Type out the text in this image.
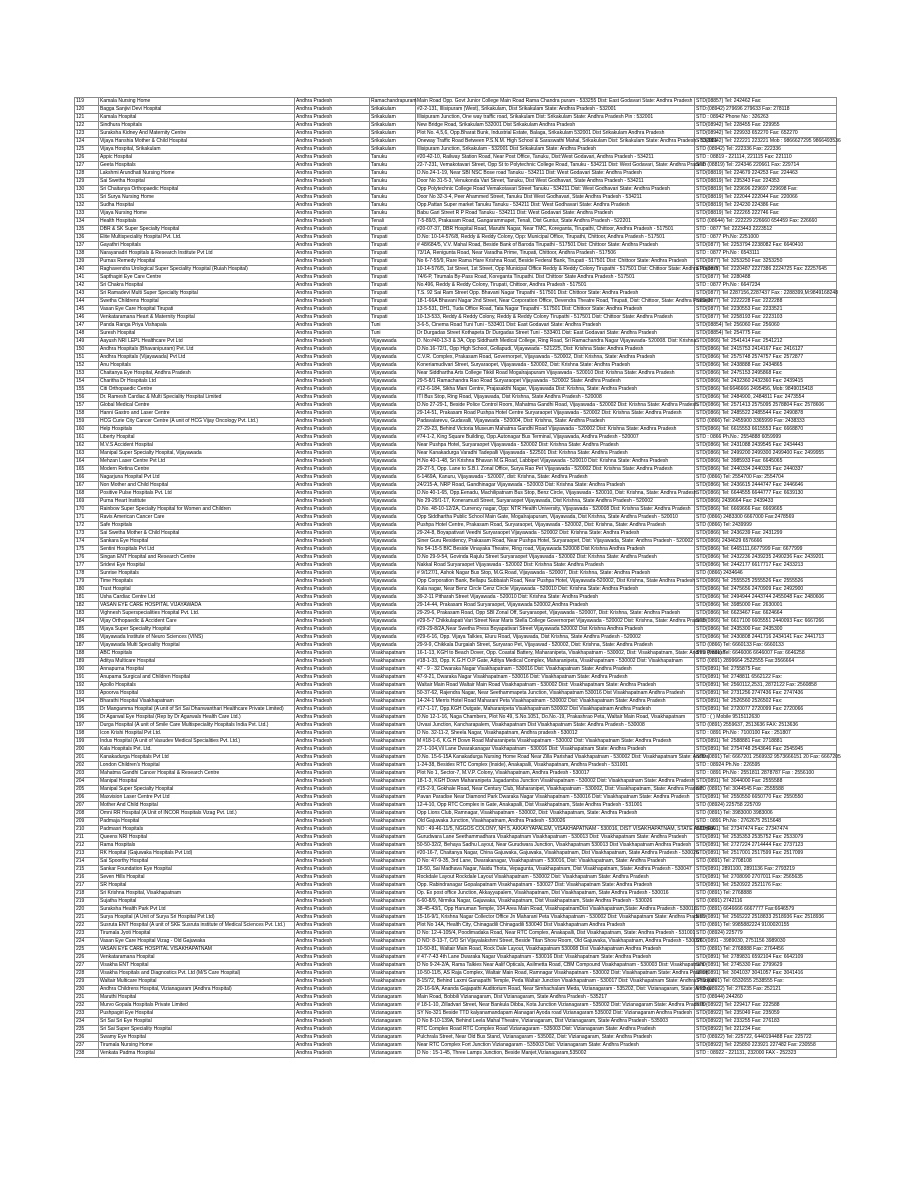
119	Kamala Nursing Home	Andhra Pradesh	Ramachandrapuram	Main Road Opp. Govt Junior College Main Road Rama Chandra puram - 533255 Dist: East Godavari State: Andhra Pradesh	STD(08857) Tel: 242462 Fax:
120	Bagga Sanjivi Devi Hospital	Andhra Pradesh	Srikakulam	#2-2-131, Illisipuram (West), Srikakulam, Dist Srikakulam State: Andhra Pradesh - 532001	STD:(08942) 279696 279633 Fax: 278118
121	Kamala Hospital	Andhra Pradesh	Srikakulam	Illisipuram Junction, One way traffic road, Srikakulam Dist: Srikakulam State: Andhra Pradesh Pin : 532001	STD : 08942 Phone No : 326263
122	Sindhura Hospitals	Andhra Pradesh	Srikakulam	New Bridge Road, Srikakulam 532001 Dist Srikakulam Andhra Pradesh	STD(08942) Tel: 228455 Fax: 229955
123	Suraksha Kidney And Maternity Centre	Andhra Pradesh	Srikakulam	Plot No. 4,5,6, Opp.Bharat Bunk, Industrial Estate, Balaga, Srikakulam 532001 Dist Srikakulam Andhra Pradesh	STD(08942) Tel: 229933 652270 Fax: 652270
124	Vijaya Hanshia Mother & Child Hospital	Andhra Pradesh	Srikakulam	Oneway Traffic Road Between P.S.N.M. High School & Saraswathi Mahal, Srikakulam Dist: Srikakulam State: Andhra Pradesh - 532001	STD(08942) Tel: 222221 223221 Mob : 9866627295 9866493536
125	Vijaya Hospital, Srikakulam	Andhra Pradesh	Srikakulam	Illisipuram Junction, Srikakulam - 532001 Dist Srikakulam State: Andhra Pradesh	STD (08942) Tel: 222336 Fax: 222336
126	Appic Hospital	Andhra Pradesh	Tanuku	#20-42-10, Railway Station Road, Near Post Office, Tanuku, Dist:West Godavari, Andhra Pradesh - 534211	STD : 08819 - 221114, 221115 Fax: 221110
127	Geeta Hospitals	Andhra Pradesh	Tanuku	22-7-231, Vemakotavari Street, Opp St to Polytechnic College Road, Tanuku - 534211 Dist: West Godavari, State: Andhra Pradesh	STD (08819) Tel: 224346 220661 Fax: 229714
128	Lakshmi Arundhati Nursing Home	Andhra Pradesh	Tanuku	D.No.24-1-19, Near SBI NSC Bose road Tanuku - 534211 Dist: West Godavari State: Andhra Pradesh	STD(08819) Tel: 224679 224253 Fax: 224463
129	Sai Swetha Hospital	Andhra Pradesh	Tanuku	Door No 31-5-3, Venukonda Vari Street, Tanuku, Dist West Godhavari, State Andhra Pradesh - 534211	STD(08819) Tel: 235343 Fax: 224353
130	Sri Chaitanya Orthopaedic Hospital	Andhra Pradesh	Tanuku	Opp Polytechnic College Road Vemakotavari Street Tanuku - 534211 Dist: West Godhavari State: Andhra Pradesh	STD(08819) Tel: 229696 229697 229698 Fax:
131	Sri Surya Nursing Home	Andhra Pradesh	Tanuku	Door No 32-3-4, Peer Ahammed Street, Tanuku Dist West Godhavari, State Andhra Pradesh - 534211	STD(08819) Tel: 222044 222044 Fax: 220066
132	Sudha Hospital	Andhra Pradesh	Tanuku	Opp.Pattan Super market Tanuku Tanuku - 534211 Dist: West Godhavari State: Andhra Pradesh	STD(08819) Tel: 224230 224386 Fax:
133	Vijaya Nursing Home	Andhra Pradesh	Tanuku	Babu Gari Street R P Road Tanuku - 534211 Dist: West Godavari State: Andhra Pradesh	STD(08819) Tel: 222265 222746 Fax:
134	Health Hospitals	Andhra Pradesh	Tenali	7-5-89/3, Prakasam Road, Gangarammapet, Tenali, Dist Guntur, State Andhra Pradesh - 522201	STD (08644) Tel: 222229 226660 654459 Fax: 226660
135	DBR & SK Super Specialty Hospital	Andhra Pradesh	Tirupati	#20-07-37, DBR Hospital Road, Maruthi Nagar, Near TMC, Koreganta, Tirupathi, Chittoor, Andhra Pradesh - 517501	STD : 0877 Tel: 2223443 2223512
136	Elite Multispeciality Hospital Pvt. Ltd.	Andhra Pradesh	Tirupati	D.No: 10-14-576/8, Reddy & Reddy Colony, Opp: Municipal Office, Tirupathi, Chittoor, Andhra Pradesh - 517501	STD : 0877 Ph.No: 2251000
137	Gayathri Hospitals	Andhra Pradesh	Tirupati	# 48/684/5, V.V. Mahal Road, Beside Bank of Baroda Tirupathi - 517501 Dist: Chittoor State: Andhra Pradesh	STD(0877) Tel: 2253794 2238082 Fax: 6640410
138	Narayanadri Hospitals & Research Institute Pvt Ltd	Andhra Pradesh	Tirupati	73/1A, Reniguntа Road, Near Varadha Prime, Tirupati, Chittoor, Andhra Pradesh - 517506	STD : 0877 Ph.No : 6543111
139	Purnas Remedy Hospital	Andhra Pradesh	Tirupati	No 6-7-55/9, Rare Rama Hare Krishna Road, Beside Federal Bank, Tirupati - 517501 Dist: Chittoor State: Andhra Pradesh	STD(0877) Tel: 3253250 Fax: 3253250
140	Raghavendra Urological Super Speciality Hospital (Ruiah Hospital)	Andhra Pradesh	Tirupati	10-14-576/5, 1st Street, 1st Street, Opp Municipal Office Reddy & Reddy Colony Tirupathi - 517501 Dist: Chittoor State: Andhra Pradesh	STD(0877) Tel: 2220487 2227386 2224725 Fax: 22257645
141	Sapthagiri Eye Care Centre	Andhra Pradesh	Tirupati	74/6-P, Tirumala By-Pass Road, Koreganta Tirupathi. Dist Chittoor State Andhra Pradesh - 517501	STD(0877) Tel: 2280488
142	Sri Chakra Hospital	Andhra Pradesh	Tirupati	No.496, Reddy & Reddy Colony, Tirupati, Chittoor, Andhra Pradesh - 517501	STD : 0877 Ph.No : 6647234
143	Sri Ramadevi Multi Super Specialty Hospital	Andhra Pradesh	Tirupati	T.S. 92 Sai Ram Street Opp. Bhavani Nagar Tirupathi - 517501 Dist: Chittoor State: Andhra Pradesh	STD(0877) Tel 2287156,2287437 Fax : 2288399,M:9849168248
144	Swetha Childrens Hospital	Andhra Pradesh	Tirupati	18-1-66A Bhavani Nagar 2nd Street, Near Corporation Office, Devendra Theatre Road, Tirupati, Dist: Chittoor, State: Andhra Pradesh	STD(0877) Tel: 2222228 Fax: 2222288
145	Vasan Eye Care Hospital Tirupati	Andhra Pradesh	Tirupati	13-5-531, DH1, Tuda Office Road, Tata Nagar Tirupathi - 517501 Dist: Chittoor State: Andhra Pradesh	STD(0877) Tel: 2230553 Fax: 2233521
146	Venkataramana Heart & Maternity Hospital	Andhra Pradesh	Tirupati	10-13-533, Reddy & Reddy Colony, Reddy & Reddy Colony Tirupathi - 517501 Dist: Chittoor State: Andhra Pradesh	STD(0877) Tel: 2258193 Fax: 2223103
147	Panda Ranga Priya Vishapala	Andhra Pradesh	Tuni	3-6-5, Cinema Road Tuni Tuni - 533401 Dist: East Godavari State: Andhra Pradesh	STD(08854) Tel: 256060 Fax: 256060
148	Suresh Hospital	Andhra Pradesh	Tuni	Dr Durgadas Street Kothapeta Dr Durgadas Street Tuni - 533401 Dist: East Godavari State: Andhra Pradesh	STD(08854) Tel: 254775 Fax:
149	Aayush NRI LEPL Healthcare Pvt Ltd	Andhra Pradesh	Vijayawada	D. No:#40-13-3 & 3A, Opp Siddharth Medical College, Ring Road, Sri Ramachandra Nagar Vijayawada- 520008. Dist: Krishna	STD(0866) Tel: 2541414 Fax: 2541212
150	Andhra Hospitals (Bhavanipuram) Pvt. Ltd	Andhra Pradesh	Vijayawada	D.No.16-72/1, Opp High School, Gollapudi, Vijayawada - 521225, Dist: Krishna State: Andhra Pradesh	STD(0866) Tel: 2415753 2414167 Fax: 2416127
151	Andhra Hospitals (Vijayawada) Pvt Ltd	Andhra Pradesh	Vijayawada	C.V.R. Complex, Prakasam Road, Governorpet, Vijayawada - 520002, Dist: Krishna, State: Andhra Pradesh	STD(0866) Tel: 2575748 2574757 Fax: 2572877
152	Anu Hospitals	Andhra Pradesh	Vijayawada	Koneriamudivari Street, Suryaraopet, Vijayawada - 520002, Dist: Krishna State: Andhra Pradesh	STD(0866) Tel: 2438888 Fax: 2434865
153	Chaitanya Eye Hospital, Andhra Pradesh	Andhra Pradesh	Vijayawada	Near Siddhartha Arts College Tikkil Road Mogalrajapuram Vijayawada - 520010 Dist: Krishna State: Andhra Pradesh	STD(0866) Tel: 2475153 2495868 Fax:
154	Charitha Dr Hospitals Ltd	Andhra Pradesh	Vijayawada	29-5-8/1 Ramachandra Rao Road Suryaraopet Vijayawada - 520002 State: Andhra Pradesh	STD(0866) Tel: 2432360 2432360 Fax: 2439415
155	Citi Orthopaedic Centre	Andhra Pradesh	Vijayawada	#12-6-184, Sikha Mani Centre, Prajasakthi Nagar, Vijayawada Dist: Krishna, State: Andhra Pradesh	STD(0866) Tel:6646666 2495456, Mob: 9849015418
156	Dr. Ramesh Cardiac & Multi Speciality Hospital Limited	Andhra Pradesh	Vijayawada	ITI Bus Stop, Ring Road, Vijayawada, Dist Krishna, State Andhra Pradesh - 520008	STD(0866) Tel: 2484900, 2484811 Fax: 2473554
157	Global Medical Centre	Andhra Pradesh	Vijayawada	D.No 27-29-1, Beside Police Control Room, Mahatma Gandhi Road, Vijayawada - 520002 Dist: Krishna State: Andhra Pradesh	STD(0866) Tel: 2571413 2575095 2578804 Fax: 2578606
158	Hanni Gastro and Laser Centre	Andhra Pradesh	Vijayawada	29-14-51, Prakasam Road Pushpa Hotel Centre Suryaraopet Vijayawada - 520002 Dist: Krishna State: Andhra Pradesh	STD(0866) Tel: 2485522 2485544 Fax: 2490878
159	HCG Curie City Cancer Centre (A unit of HCG Vijay Oncology Pvt. Ltd.)	Andhra Pradesh	Vijayawada	Padavalarevu, Gudavalli, Vijayawada - 520004, Dist: Krishna, State: Andhra Pradesh	STD (0866) Tel: 2455900 3365999 Fax: 2438333
160	Help Hospitals	Andhra Pradesh	Vijayawada	27-29-23, Behind Victoria Museum Mahatma Gandhi Road Vijayawada - 520002 Dist: Krishna State: Andhra Pradesh	STD(0866) Tel: 6615553 6615553 Fax: 6668870
161	Liberty Hospital	Andhra Pradesh	Vijayawada	#74-1-2, King Square Building, Opp.Autonagar Bus Terminal, Vijayawada, Andhra Pradesh - 520007	STD : 0866 Ph.No.: 2554888 6059999
162	M.V.S Accident Hospital	Andhra Pradesh	Vijayawada	Near Pushpa Hotel, Suryaraopet Vijayawada - 520002 Dist: Krishna State: Andhra Pradesh	STD(0866) Tel: 2431088 2439545 Fax: 2434443
163	Manipal Super Specialty Hospital, Vijayawada	Andhra Pradesh	Vijayawada	Near Kanakadurga Varadhi Tadepalli Vijayawada - 522501 Dist: Krishna State: Andhra Pradesh	STD(0866) Tel: 2499200 2499300 2499400 Fax: 2499955
164	Mehzan Laser Centre Pvt Ltd	Andhra Pradesh	Vijayawada	H.No 40-1-48, Sri Krishna Bhavan M.G.Road, Labbipet Vijayawada - 520010 Dist: Krishna State: Andhra Pradesh	STD(0866) Tel: 3985933 Fax: 6645065
165	Modern Retina Centre	Andhra Pradesh	Vijayawada	29-27-5, Opp. Lane to S.B.I. Zonal Office, Surya Rao Pet Vijayawada - 520002 Dist: Krishna State: Andhra Pradesh	STD(0866) Tel: 2440334 2440335 Fax: 2440337
166	Nagarjuna Hospital Pvt Ltd	Andhra Pradesh	Vijayawada	6-1469A, Kanuru, Vijayawada - 520007, dist: Krishna, State: Andhra Pradesh	STD (0866) Tel: 2554700 Fax: 2554704
167	Non Mother and Child Hospital	Andhra Pradesh	Vijayawada	24/215-A, NRP Road, Gandhinagar Vijayawada - 520003 Dist: Krishna State: Andhra Pradesh	STD(0866) Tel: 2436615 2444747 Fax: 2446646
168	Positive Pulse Hospitals Pvt. Ltd	Andhra Pradesh	Vijayawada	D.No 40-1-65, Opp.Eenadu, Machilipatnam Bus Stop, Benz Circle, Vijayawada - 520010, Dist: Krishna, State: Andhra Pradesh	STD(0866) Tel: 6644555 6644777 Fax: 6639130
169	Purna Heart Institute	Andhra Pradesh	Vijayawada	No 29-29/1-17, Koneramudi Street, Suryaraopet Vijayawada, Dist Krishna, State Andhra Pradesh - 520002	STD(0866) 2439664 Fax: 2439433
170	Rainbow Super Specialty Hospital for Women and Children	Andhra Pradesh	Vijayawada	D.No. 48-10-12/2A, Currency nagar, Opp: NTR Health University, Vijayawada - 520008 Dist: Krishna State: Andhra Pradesh	STD(0866) Tel: 6669666 Fax: 6669665
171	Ravis American Cancer Care	Andhra Pradesh	Vijayawada	Opp Siddhartha Public School Main Gate, Mogalrajapuram, Vijayawada, Dist Krishna, State Andhra Pradesh - 520010	STD (0866) 2483300 6667000 Fax:2478569
172	Safe Hospitals	Andhra Pradesh	Vijayawada	Pushpa Hotel Centre, Prakasam Road, Suryaraopet, Vijayawada - 520002, Dist: Krishna, State: Andhra Pradesh	STD (0866) Tel: 2439999
173	Sai Swetha Mother & Child Hospital	Andhra Pradesh	Vijayawada	29-24-8, Boyapativari Veedhi Suryaraopet Vijayawada - 520002 Dist: Krishna State: Andhra Pradesh	STD(0866) Tel: 2436239 Fax: 2431299
174	Sankara Eye Hospital	Andhra Pradesh	Vijayawada	Siner Guru Residency, Prakasam Road, Near Pushpa Hotel, Suryaraopet, Dist: Vijayawada, State: Andhra Pradesh - 520002	STD(0866) 2434629 6576666
175	Sentini Hospitals Pvt Ltd	Andhra Pradesh	Vijayawada	No 54-15-5 BIC Beside Vinayaka Theatre, Ring road, Vijayawada 520008 Dist Krishna Andhra Pradesh	STD(0866) Tel: 6465111,6677999 Fax: 6677999
176	Singan ENT Hospital and Research Centre	Andhra Pradesh	Vijayawada	D.No 29-9-54, Govinda Rajulu Street Suryaraopet Vijayawada - 520002 Dist: Krishna State: Andhra Pradesh	STD(0866) Tel: 2432236 2439235 2490236 Fax: 2439201
177	Sridevi Eye Hospital	Andhra Pradesh	Vijayawada	Nakkal Road Suryaraopet Vijayawada - 520002 Dist: Krishna State: Andhra Pradesh	STD(0866) Tel: 2442177 6617717 Fax: 2433213
178	Sunrise Hospitals	Andhra Pradesh	Vijayawada	# 9/127/1, Ashok Nagar Bus Stop, M.G.Road, Vijayawada - 520007, Dist: Krishna, State: Andhra Pradesh	STD (0866) 2434646
179	Time Hospitals	Andhra Pradesh	Vijayawada	Opp Corporation Bank, Bellapu Subbaiah Road, Near Pushpa Hotel, Vijayawada-520002, Dist Krishna, State Andhra Pradesh	STD(0866) Tel: 2555525 2555526 Fax: 2555526
180	Trust Hospital	Andhra Pradesh	Vijayawada	Kala nagar, Near Benz Circle Cenz Circle Vijayawada - 520010 Dist: Krishna State: Andhra Pradesh	STD(0866) Tel: 2475656 2470909 Fax: 2492900
181	Usha Cardiac Centre Ltd	Andhra Pradesh	Vijayawada	39-2-11 Pitharah Street Vijayawada - 520010 Dist: Krishna State: Andhra Pradesh	STD(0866) Tel: 2494944 2443744 2455048 Fax: 2480606
182	VASAN EYE CARE HOSPITAL VIJAYAWADA	Andhra Pradesh	Vijayawada	29-14-44, Prakasam Road Suryaraopet, Vijayawada 520002,Andhra Pradesh	STD(0866) Tel: 3985000 Fax: 2630001
183	Vighnesh Superspecialities Hospital Pvt. Ltd.	Andhra Pradesh	Vijayawada	29-29-6, Prakasam Road, Opp SBI Zonal Off, Suryaraopet, Vijayawada - 520007, Dist: Krishna, State: Andhra Pradesh	STD(0866) Tel: 6623467 Fax: 6624664
184	Vijay Orthopaedic & Accident Care	Andhra Pradesh	Vijayawada	#29-5-7 Chikkulapati Vari Street Near Maris Stella College Governorpet Vijayawada - 520002 Dist: Krishna, State: Andhra Pradesh	STD(0866) Tel: 6617100 6605551 2440093 Fax: 6667266
185	Vijaya Super Speciality Hospital	Andhra Pradesh	Vijayawada	#29-29-8/2A,Near Swetha Press Boyapativari Street Vijayawada 520002 Dist Krishna Andhra Pradesh	STD(0866) Tel: 2435300 Fax: 2435300
186	Vijayawada Institute of Neuro Sciences (VINS)	Andhra Pradesh	Vijayawada	#29-6-16, Opp. Vijaya Talkies, Eluru Road, Vijayawada, Dist Krishna, State Andhra Pradesh - 520002	STD(0866) Tel: 2430808 2441716 2434141 Fax: 2441713
187	Vijayawada Multi Speciality Hospital	Andhra Pradesh	Vijayawada	29-9-9, Chikkala Durgaiah Street, Suryarao Pet, Vijayawad - 520002, Dist: Krishna, State: Andhra Pradesh	STD (0866) Tel: 6660133 Fax: 6660133
188	ABC Hospitals	Andhra Pradesh	Visakhapatnam	16-1-13, KGH to Beach Dover, Opp. Coastal Battery, Maharanipeta, Visakhapatnam - 530002, Dist: Visakhapatnam, State: Andhra Pradesh	STD (0891) Tel: 6646006 6646007 Fax: 6646258
189	Aditya Multicare Hospital	Andhra Pradesh	Visakhapatnam	#18-1-33, Opp. K.G.H O.P Gate, Aditya Medical Complex, Maharanipeta, Visakhapatnam - 530002 Dist: Visakhapatnam	STD (0891) 2899664 2522555 Fax:3566664
190	Annapurna Hospital	Andhra Pradesh	Visakhapatnam	47 - 9 - 32 Dwaraka Nagar Visakhapatnam - 530016 Dist: Visakhapatnam State: Andhra Pradesh	STD(0891) Tel: 2755875 Fax:
191	Anupama Surgical and Children Hospital	Andhra Pradesh	Visakhapatnam	47-9-21, Dwaraka Nagar Visakhapatnam - 530016 Dist: Visakhapatnam State: Andhra Pradesh	STD(0891) Tel: 2748811 6562122 Fax:
192	Apollo Hospitals	Andhra Pradesh	Visakhapatnam	Waltair Main Road Waltair Main Road Visakhapatnam - 530002 Dist: Visakhapatnam State: Andhra Pradesh	STD(0891) Tel: 2560112,2531, 2872122 Fax: 2560858
193	Apoorva Hospital	Andhra Pradesh	Visakhapatnam	50-37-62, Rajendra Nagar, Near Seethammapeta Junction, Visakhapatnam 530016 Dist Visakhapatnam Andhra Pradesh	STD(0891) Tel: 2731256 2747436 Fax: 2747436
194	Bharathi Hospital Visakhapatnam	Andhra Pradesh	Visakhapatnam	14-24-1 Merris Hotel Road Maharani Peta Visakhapatnam - 530002 Dist: Visakhapatnam State: Andhra Pradesh	STD(0891) Tel: 2526560 2526502 Fax:
195	Dr Mangamma Hospital (A unit of Sri Sai Dhanwanthari Healthcare Private Limited)	Andhra Pradesh	Visakhapatnam	#17-1-17, Opp.KGH Outgate, Maharanipeta Visakhapatnam 530002 Dist Visakhapatnam Andhra Pradesh	STD(0891) Tel: 2720077 2720099 Fax: 2720066
196	Dr Agarwal Eye Hospital (Rep by Dr Agarwals Health Care Ltd.)	Andhra Pradesh	Visakhapatnam	D.No 12-1-16, Naga Chambers, Plot No 49, S.No.1051, Do.No.-19, Prakashrao Peta, Waltair Main Road, Visakhapatnam	STD : ( ) Mobile 9515112630
197	Durga Hospital (A unit of Smile Care Multispeciality Hospitals India Pvt. Ltd.)	Andhra Pradesh	Visakhapatnam	Urvasi Junction, Kancharapalem, Visakhapatnam Dist Visakhapatnam State: Andhra Pradesh - 530008	STD (0891) 2559637, 2513636 FAX: 2513636
198	Icon Krishi Hospital Pvt Ltd.	Andhra Pradesh	Visakhapatnam	D No. 32-11-2, Sheela Nagar, Visakhapatnam, Andhra pradesh - 530012	STD : 0891 Ph.No : 7100100 Fax : 251807
199	Indus Hospital (A unit of Vasudev Medical Specialities Pvt. Ltd.)	Andhra Pradesh	Visakhapatnam	M #18-1-6, K.G.H Down Road Maharanipeta Visakhapatnam - 530002 Dist: Visakhapatnam State: Andhra Pradesh	STD(0891) Tel: 2588881 Fax: 2718881
200	Kala Hospitals Pvt. Ltd.	Andhra Pradesh	Visakhapatnam	27-1-104,Vil Lane Dwarakanagar Visakhapatnam - 530016 Dist: Visakhapatnam State: Andhra Pradesh	STD(0891) Tel: 2754748 2543646 Fax: 2545945
201	Kanakadurga Hospitals Pvt Ltd	Andhra Pradesh	Visakhapatnam	D.No. 15-6-15A Kanakadurga Nursing Home Road Near Zilla Parishad Visakhapatnam - 530002 Dist: Visakhapatnam State: Andhra	STD (0891) Tel: 6667201 2569932 9573666151 20 Fax: 6667205
202	London Children's Hospital	Andhra Pradesh	Visakhapatnam	1-24-38, Besides RTC Complex (Inside), Anakapalli, Visakhapatnam, Andhra Pradesh - 531001	STD : 08924 Ph.No : 226595
203	Mahatma Gandhi Cancer Hospital & Research Centre	Andhra Pradesh	Visakhapatnam	Plot No 1, Sector-7, M.V.P. Colony, Visakhapatnam, Andhra Pradesh - 530017	STD : 0891 Ph.No : 2551811 2878787 Fax : 2556100
204	Manipal Hospital	Andhra Pradesh	Visakhapatnam	18-1-3, KGH Down Maharanipeta Jagadamba Junction Visakhapatnam - 530002 Dist: Visakhapatnam State: Andhra Pradesh	STD(0891) Tel: 3044000 Fax: 2555588
205	Manipal Super Specialty Hospital	Andhra Pradesh	Visakhapatnam	#15-2-9, Gokhale Road, Near Century Club, Maharanipet, Visakhapatnam - 530002, Dist: Visakhapatnam, State: Andhra Pradesh	STD (0891) Tel: 3044545 Fax: 2555588
206	Maxvision Laser Centre Pvt Ltd	Andhra Pradesh	Visakhapatnam	Pavan Paradise Near Diamond Park Dwaraka Nagar Visakhapatnam - 530016 Dist: Visakhapatnam State: Andhra Pradesh	STD(0891) Tel: 2550550 6650770 Fax: 2550550
207	Mother And Child Hospital	Andhra Pradesh	Visakhapatnam	12-4-10, Opp RTC Complex in Gate, Anakapalli, Dist Visakhapatnam, State Andhra Pradesh - 531001	STD (08924) 225758 225709
208	Omni RR Hospital (A Unit of INCOR Hospitals Vizag Pvt. Ltd.)	Andhra Pradesh	Visakhapatnam	Opp Lions Club, Ramnagar, Visakhapatnam - 530002, Dist: Visakhapatnam, State: Andhra Pradesh	STD (0891) Tel: 3983000 3983006
209	Padmaja Hospital	Andhra Pradesh	Visakhapatnam	Old Gajuwaka Junction, Visakhapatnam, Andhra Pradesh - 530026	STD : 0891 Ph.No : 2762675 2515648
210	Padmasri Hospitals	Andhra Pradesh	Visakhapatnam	NO : 49-46-11/5, NGGOS COLONY, NH 5, AKKAYYAPALEM, VISAKHAPATNAM - 530016, DIST VISAKHAPATNAM, STATE ANDHRA	STD(0891) Tel: 27347474 Fax: 27347474
211	Queens NRI Hospital	Andhra Pradesh	Visakhapatnam	Gurudwara Lane Seethammadhara Visakhapatnam Visakhapatnam - 530013 Dist: Visakhapatnam State: Andhra Pradesh	STD(0891) Tel: 2535353 2535752 Fax: 2533079
212	Rama Hospitals	Andhra Pradesh	Visakhapatnam	50-50-32/2, Behaya Sadhu Layout, Near Gurudwara Junction, Visakhapatnam 530013 Dist Visakhapatnam Andhra Pradesh	STD(0891) Tel: 2727224 2714444 Fax: 2737123
213	RK Hospital (Gajuwaka Hospitals Pvt Ltd)	Andhra Pradesh	Visakhapatnam	#20-16-7, Chaitanya Nagar, China Gajuwaka, Gajuwaka, Visakhapatnam, Dist Visakhapatnam, State Andhra Pradesh - 530026	STD(0891) Tel: 2517001 2517599 Fax: 2517099
214	Sai Spoorthy Hospital	Andhra Pradesh	Visakhapatnam	D No: 47-9-35, 3rd Lane, Dwarakanagar, Visakhapatnam - 530016, Dist: Visakhapatnam, State: Andhra Pradesh	STD (0891) Tel: 2708108
215	Sankar Foundation Eye Hospital	Andhra Pradesh	Visakhapatnam	18-50, Sai Madhava Nagar, Naidu Thota, Vepagunta, Visakhapatnam, Dist Visakhapatnam, State: Andhra Pradesh - 530047	STD(0891) 2891100, 2891136 Fax: 2793219
216	Seven Hills Hospital	Andhra Pradesh	Visakhapatnam	Rockdale Layout Rockdale Layout Visakhapatnam - 530002 Dist: Visakhapatnam State: Andhra Pradesh	STD(0891) Tel: 2708090 2707011 Fax: 2565635
217	SR Hospital	Andhra Pradesh	Visakhapatnam	Opp. Rabindranagar Gopalapatnam Visakhapatnam - 530027 Dist: Visakhapatnam State: Andhra Pradesh	STD(0891) Tel: 2520922 2521176 Fax:
218	Sri Krishna Hospital, Visakhapatnam	Andhra Pradesh	Visakhapatnam	Op. Ex post office Junction, Akkayyapalem, Visakhapatnam, Dist Visakhapatnam, State Andhra Pradesh - 530016	STD (0891) Tel: 2768888
219	Sujatha Hospital	Andhra Pradesh	Visakhapatnam	6-60-8/9, Nirmika Nagar, Gajuwaka, Visakhapatnam, Dist Visakhapatnam, State Andhra Pradesh - 530026	STD (0891) 2742116
220	Suraksha Health Park Pvt Ltd	Andhra Pradesh	Visakhapatnam	38-45-43/1, Opp Hanuman Temple, 104 Area Main Road, VisakhapatnamDist Visakhapatnam,State: Andhra Pradesh - 530016	STD (0891) 6646666 6667777 Fax:6646579
221	Surya Hospital (A Unit of Surya Sri Hospital Pvt Ltd)	Andhra Pradesh	Visakhapatnam	15-16-9/1, Krishna Nagar Collector Office Jn Maharani Peta Visakhapatnam - 530002 Dist: Visakhapatnam State: Andhra Pradesh	STD(0891) Tel: 2565222 2518833 2518936 Fax: 2518936
222	Susruta ENT Hospital (A unit of SKE Susruta institute of Medical Sciences Pvt. Ltd.)	Andhra Pradesh	Visakhapatnam	Plot No 14A, Health City, Chinagadili Chinagadili 530040 Dist Visakhapatnam Andhra Pradesh	STD (0891) Tel: 9985882224 9100020155
223	Tirumala Jyoti Hospital	Andhra Pradesh	Visakhapatnam	D No: 12-4-105/4, Poodimadaka Road, Near RTC Complex, Anakapalli, Dist Visakhapatnam, State: Andhra Pradesh - 531001	STD (08924) 225779
224	Vasan Eye Care Hospital Vizag - Old Gajuwaka	Andhra Pradesh	Visakhapatnam	D NO: 8-13-7, C/O Sri Vijayalakshmi Street, Beside Titan Show Room, Old Gajuwaka, Visakhapatnam, Andhra Pradesh - 530026	STD(0891 - 3989030, 2751156 3989030
225	VASAN EYE CARE HOSPITAL VISAKHAPATNAM	Andhra Pradesh	Visakhapatnam	10-50-81, Waltair Main Road, Rock Dale Layout, Visakhapatnam 530008 Dist Visakhapatnam Andhra Pradesh	STD (0891) Tel: 2768888 Fax: 2764456
226	Venkataramana Hospital	Andhra Pradesh	Visakhapatnam	# 47-7-43 4th Lane Dwaraka Nagar Visakhapatnam - 530016 Dist: Visakhapatnam State: Andhra Pradesh	STD(0891) Tel: 2789831 6592104 Fax: 6642109
227	Visakha ENT Hospital	Andhra Pradesh	Visakhapatnam	D No 9-24-2/A, Rama Talkies Near Aalif Opticals, Asilmetta Road, CBM Compound Visakhapatnam - 530003 Dist: Visakhapatnam	STD(0891) Tel: 2745330 Fax: 2799629
228	Visakha Hospitals and Diagnostics Pvt. Ltd (M/S Care Hospital)	Andhra Pradesh	Visakhapatnam	10-50-11/5, AS Raja Complex, Waltair Main Road, Ramnagar Visakhapatnam - 530002 Dist: Visakhapatnam State: Andhra Pradesh	STD(0891) Tel: 3041037 3041057 Fax: 3041416
229	Waltair Multicare Hospital	Andhra Pradesh	Visakhapatnam	8-15/72, Behind Laxmi Ganapathi Temple, Peda Waltair Junction Visakhapatnam - 530017 Dist: Visakhapatnam State: Andhra Pradesh	STD (0891) Tel: 6532655 2538555 Fax:
230	Andhra Childrens Hospital, Vizianagaram (Andhra Hospital)	Andhra Pradesh	Vizianagaram	20-16-6/A, Ananda Gajapathi Auditorium Road, Near Simhachalam Meda, Vizianagaram - 535202, Dist: Vizianagaram, State: Andhra	STD (08922) Tel: 276235 Fax: 252121
231	Maruthi Hospital	Andhra Pradesh	Vizianagaram	Main Road, Bobbili Vizianagaram, Dist Vizianagaram, State Andhra Pradesh - 535217	STD (08944) 244260
232	Murvo Gopala Hospitals Private Limited	Andhra Pradesh	Vizianagaram	# 18-1-10, Zilladvari Street, Near Bankula Dibba, Kota Junction Vizianagaram - 535002 Dist: Vizianagaram State: Andhra Pradesh	STD(08922) Tel: 229417 Fax: 222588
233	Pushpagiri Eye Hospital	Andhra Pradesh	Vizianagaram	SY No-321 Beside TTD kalyanamandapam Alanagari Ayoda road Vizianagaram 535002 Dist: Vizianagaram Andhra Pradesh	STD(08922) Tel: 235049 Fax: 235059
234	Sri Sai Sri Eye Hospital	Andhra Pradesh	Vizianagaram	D No 8-10-139A, Behind Leela Mahal Theatre, Vizianagaram, Dist Vizianagaram, State Andhra Pradesh - 535003	STD(08922) Tel: 233255 Fax: 276183
235	Sri Sai Super Speciality Hospital	Andhra Pradesh	Vizianagaram	RTC Complex Road RTC Complex Road Vizianagaram - 535003 Dist: Vizianagaram State: Andhra Pradesh	STD(08922) Tel: 221234 Fax:
236	Swamy Eye Hospital	Andhra Pradesh	Vizianagaram	Pulchrala Street, Near Old Bus Stand, Vizianagaram - 535002, Dist: Vizianagaram, State: Andhra Pradesh	STD (08922) Tel: 225722, 6440194488 Fax: 225722
237	Tirumala Nursing Home	Andhra Pradesh	Vizianagaram	Near RTC Complex Fort Junction Vizianagaram - 535003 Dist: Vizianagaram State: Andhra Pradesh	STD(08922) Tel: 225850 223921 227482 Fax: 230558
238	Venkata Padma Hospital	Andhra Pradesh	Vizianagaram	D No : 15-1-45, Three Lamps Junction, Beside Manjet,Vizianagaram,535002	STD : 08922 - 221131, 232000 FAX - 252323
